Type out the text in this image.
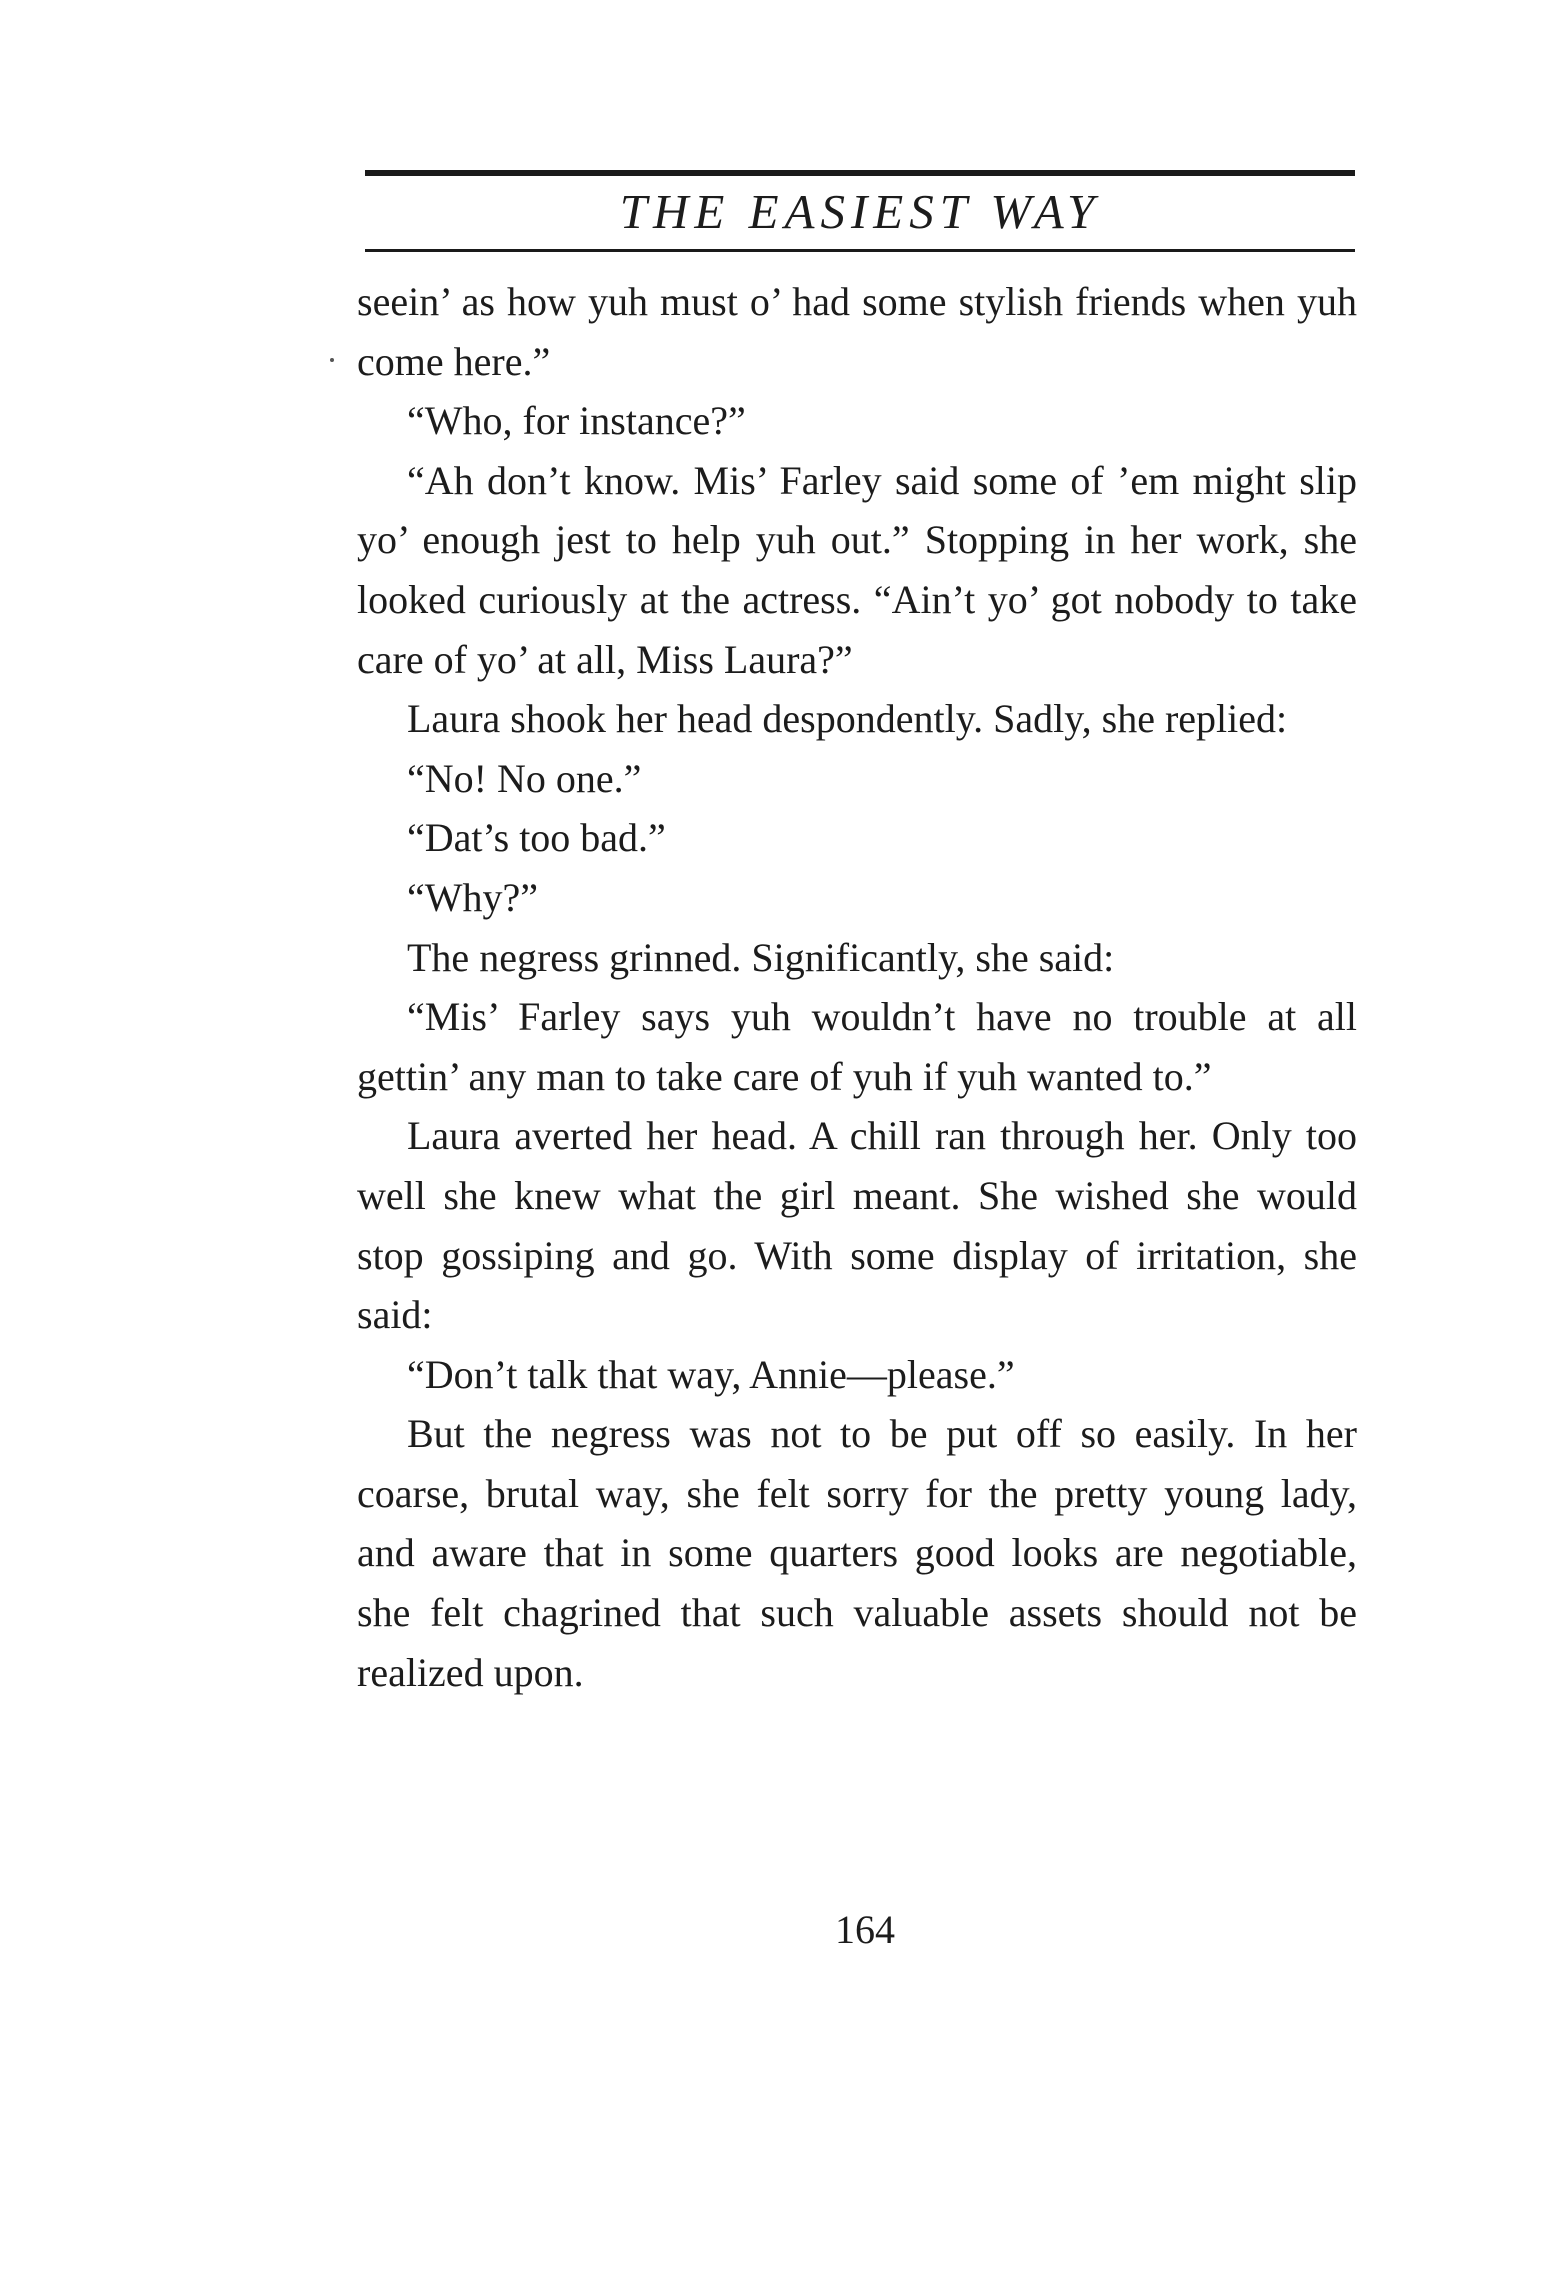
THE EASIEST WAY

seein’ as how yuh must o’ had some stylish friends when yuh come here.”

“Who, for instance?”

“Ah don’t know. Mis’ Farley said some of ’em might slip yo’ enough jest to help yuh out.” Stopping in her work, she looked curiously at the actress. “Ain’t yo’ got nobody to take care of yo’ at all, Miss Laura?”

Laura shook her head despondently. Sadly, she replied:

“No! No one.”

“Dat’s too bad.”

“Why?”

The negress grinned. Significantly, she said:

“Mis’ Farley says yuh wouldn’t have no trouble at all gettin’ any man to take care of yuh if yuh wanted to.”

Laura averted her head. A chill ran through her. Only too well she knew what the girl meant. She wished she would stop gossiping and go. With some display of irritation, she said:

“Don’t talk that way, Annie—please.”

But the negress was not to be put off so easily. In her coarse, brutal way, she felt sorry for the pretty young lady, and aware that in some quarters good looks are negotiable, she felt chagrined that such valuable assets should not be realized upon.

164
